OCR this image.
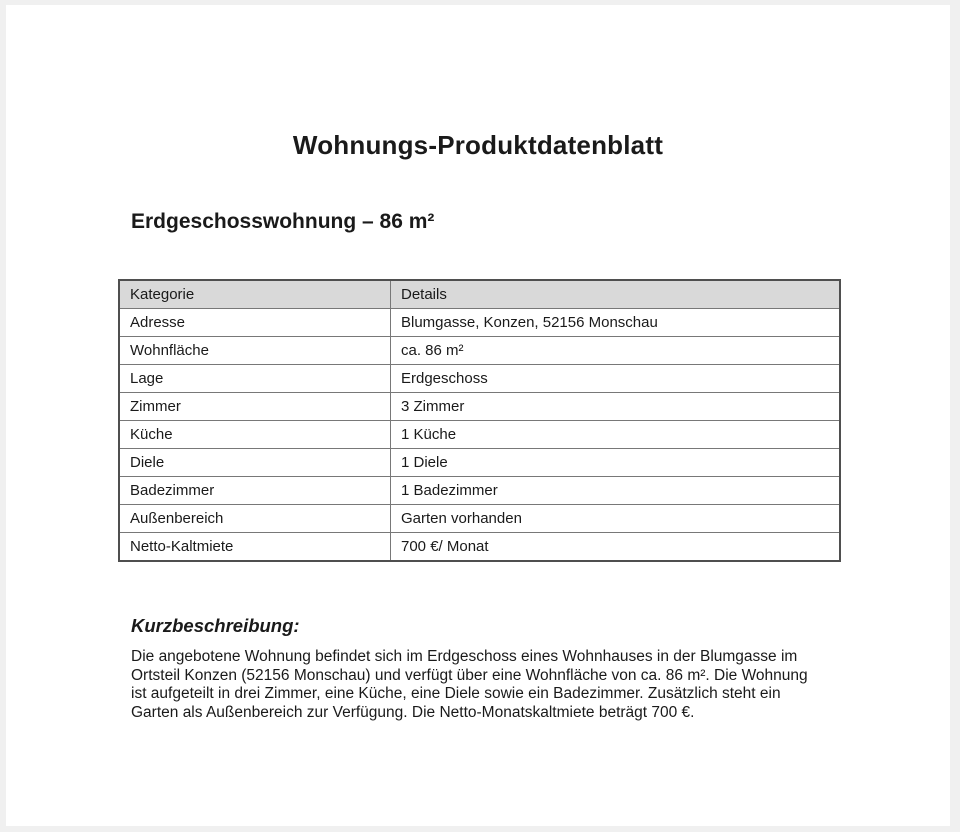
Wohnungs-Produktdatenblatt
Erdgeschosswohnung – 86 m²
Kategorie	Details
Adresse	Blumgasse, Konzen, 52156 Monschau
Wohnfläche	ca. 86 m²
Lage	Erdgeschoss
Zimmer	3 Zimmer
Küche	1 Küche
Diele	1 Diele
Badezimmer	1 Badezimmer
Außenbereich	Garten vorhanden
Netto-Kaltmiete	700 €/ Monat
Kurzbeschreibung:
Die angebotene Wohnung befindet sich im Erdgeschoss eines Wohnhauses in der Blumgasse im
Ortsteil Konzen (52156 Monschau) und verfügt über eine Wohnfläche von ca. 86 m². Die Wohnung
ist aufgeteilt in drei Zimmer, eine Küche, eine Diele sowie ein Badezimmer. Zusätzlich steht ein
Garten als Außenbereich zur Verfügung. Die Netto-Monatskaltmiete beträgt 700 €.
